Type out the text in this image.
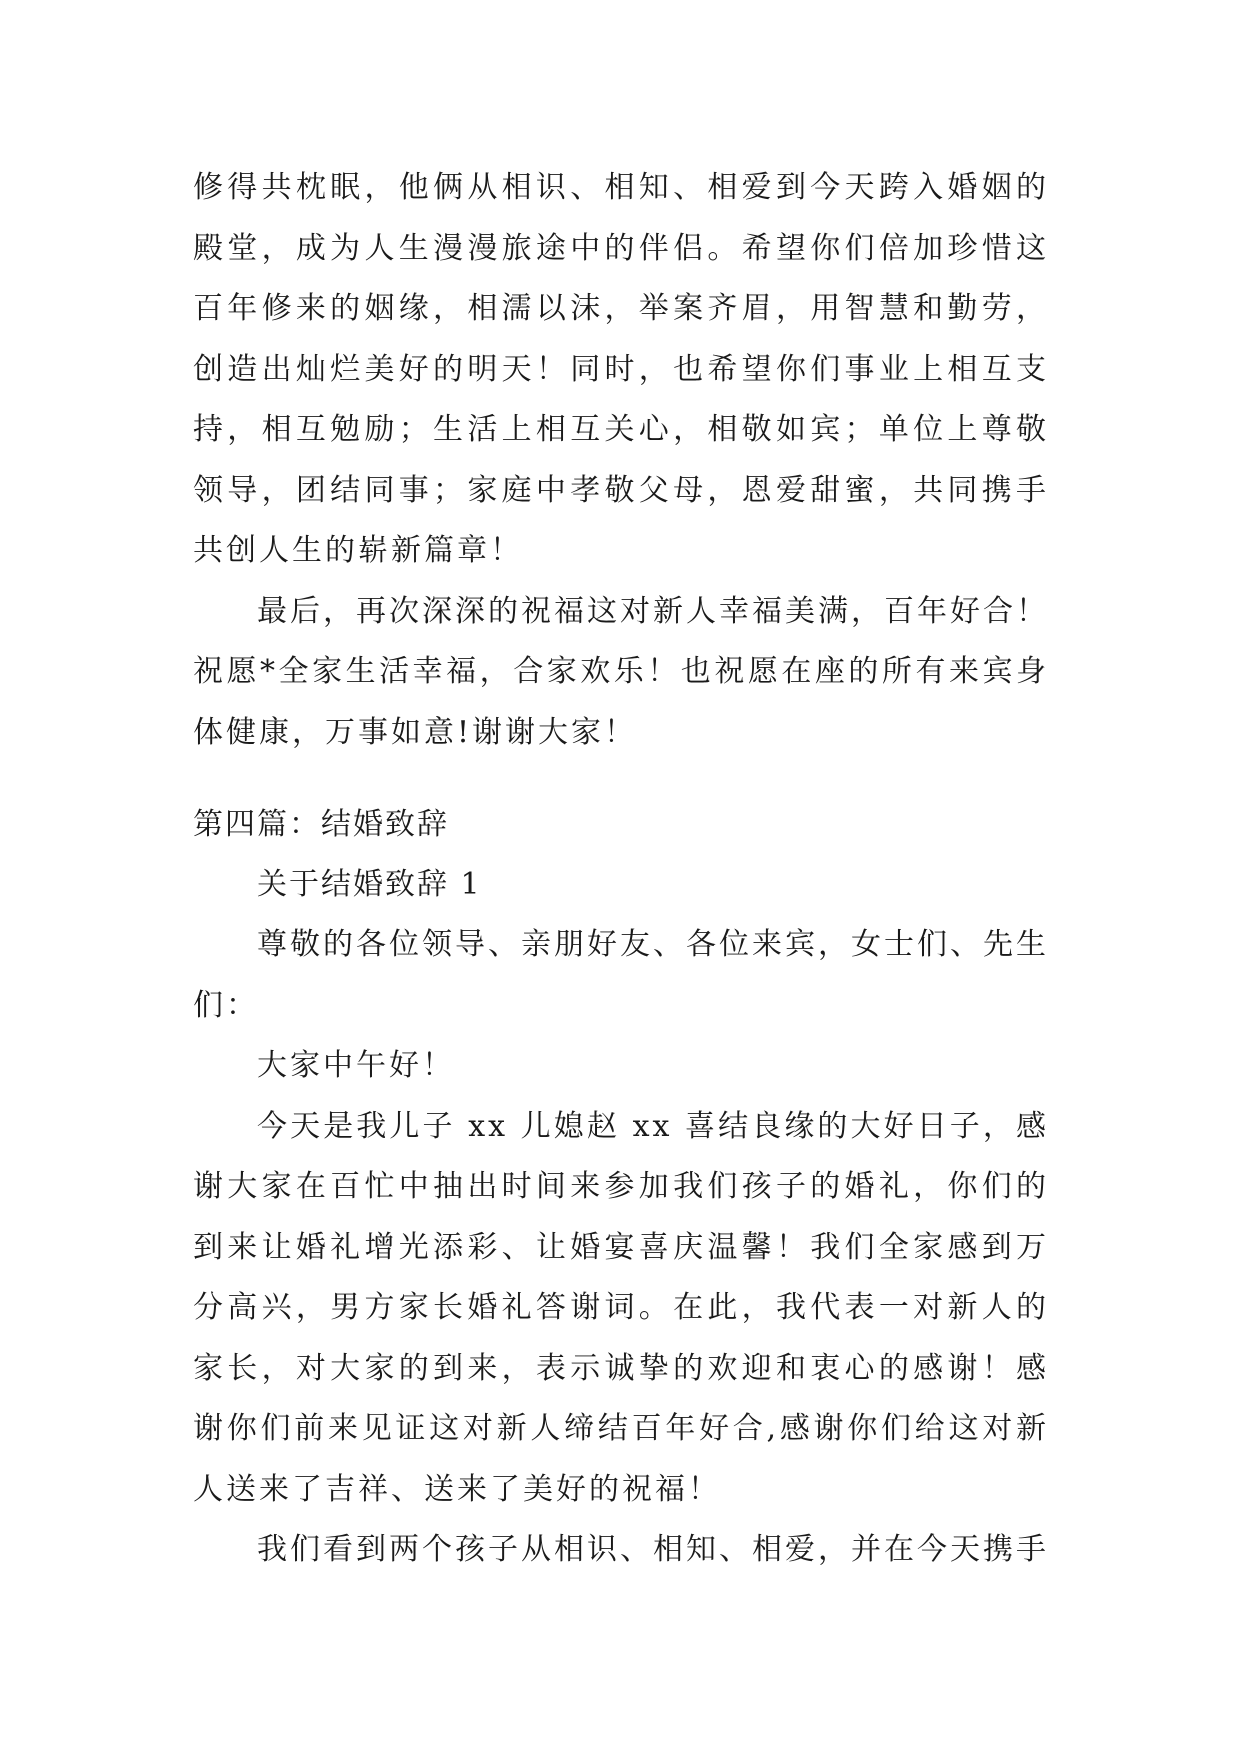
修得共枕眠，他俩从相识、相知、相爱到今天跨入婚姻的殿堂，成为人生漫漫旅途中的伴侣。希望你们倍加珍惜这百年修来的姻缘，相濡以沫，举案齐眉，用智慧和勤劳，创造出灿烂美好的明天！同时，也希望你们事业上相互支持，相互勉励；生活上相互关心，相敬如宾；单位上尊敬领导，团结同事；家庭中孝敬父母，恩爱甜蜜，共同携手共创人生的崭新篇章！

最后，再次深深的祝福这对新人幸福美满，百年好合！祝愿*全家生活幸福，合家欢乐！也祝愿在座的所有来宾身体健康，万事如意!谢谢大家！

第四篇：结婚致辞

关于结婚致辞 1

尊敬的各位领导、亲朋好友、各位来宾，女士们、先生们：

大家中午好！

今天是我儿子 xx 儿媳赵 xx 喜结良缘的大好日子，感谢大家在百忙中抽出时间来参加我们孩子的婚礼，你们的到来让婚礼增光添彩、让婚宴喜庆温馨！我们全家感到万分高兴，男方家长婚礼答谢词。在此，我代表一对新人的家长，对大家的到来，表示诚挚的欢迎和衷心的感谢！感谢你们前来见证这对新人缔结百年好合,感谢你们给这对新人送来了吉祥、送来了美好的祝福！

我们看到两个孩子从相识、相知、相爱，并在今天携手
